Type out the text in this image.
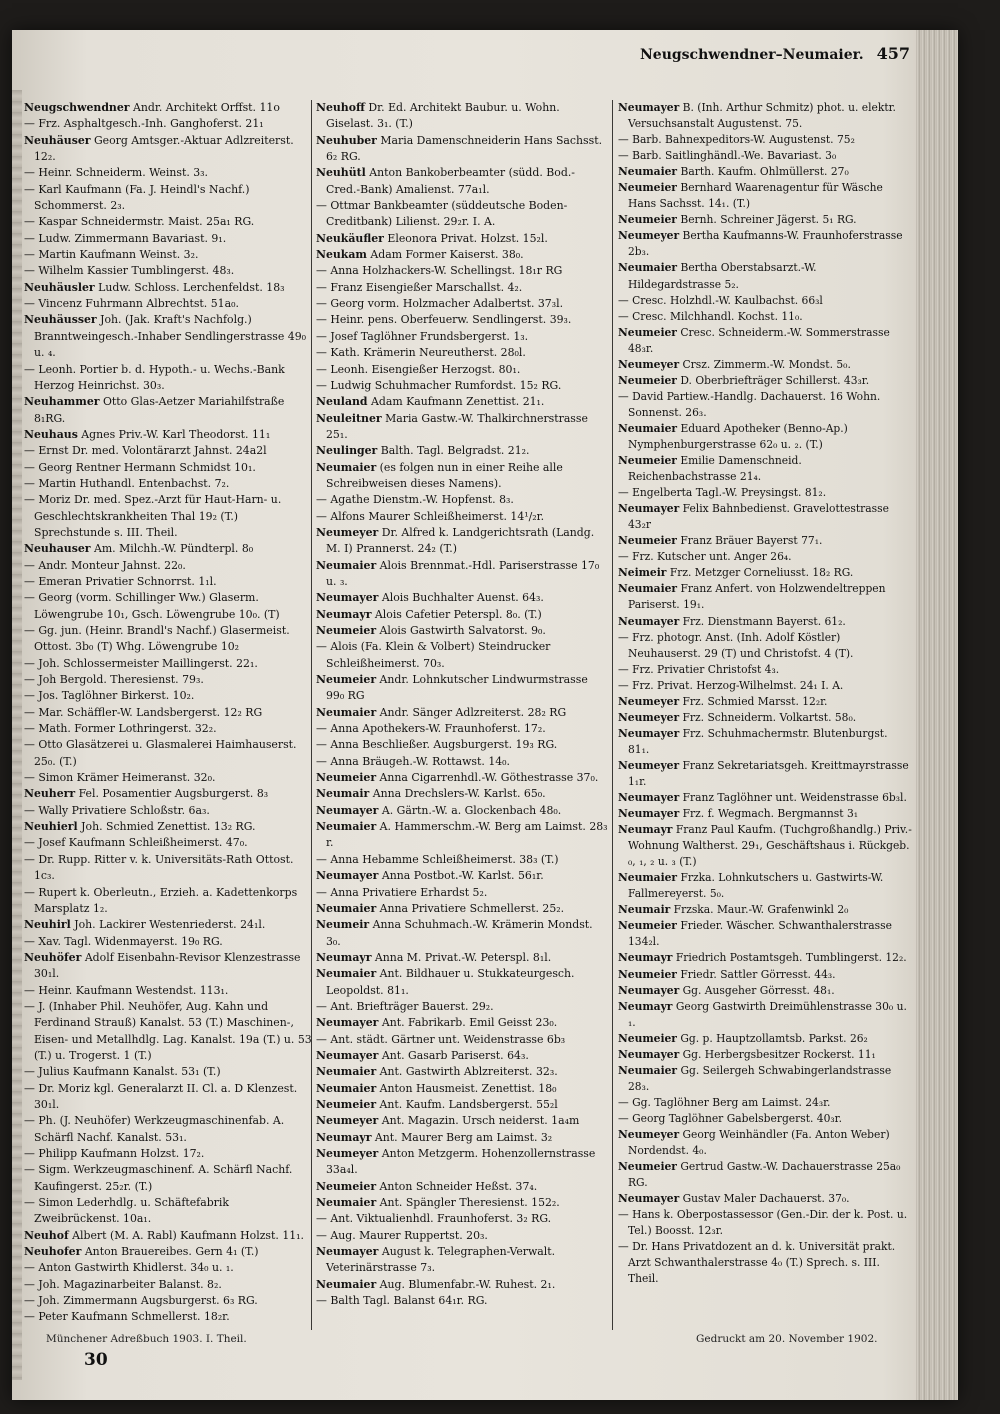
Neugschwendner–Neumaier. 457
Neugschwendner Andr. Architekt Orffst. 11o
— Frz. Asphaltgesch.-Inh. Ganghoferst. 21₁
Neuhäuser Georg Amtsger.-Aktuar Adlzreiterst. 12₂.
— Heinr. Schneiderm. Weinst. 3₃.
— Karl Kaufmann (Fa. J. Heindl's Nachf.) Schommerst. 2₃.
— Kaspar Schneidermstr. Maist. 25a₁ RG.
— Ludw. Zimmermann Bavariast. 9₁.
— Martin Kaufmann Weinst. 3₂.
— Wilhelm Kassier Tumblingerst. 48₃.
Neuhäusler Ludw. Schloss. Lerchenfeldst. 18₃
— Vincenz Fuhrmann Albrechtst. 51a₀.
Neuhäusser Joh. (Jak. Kraft's Nachfolg.) Branntweingesch.-Inhaber Sendlingerstrasse 49₀ u. ₄.
— Leonh. Portier b. d. Hypoth.- u. Wechs.-Bank Herzog Heinrichst. 30₃.
Neuhammer Otto Glas-Aetzer Mariahilfstraße 8₁RG.
Neuhaus Agnes Priv.-W. Karl Theodorst. 11₁
— Ernst Dr. med. Volontärarzt Jahnst. 24a2l
— Georg Rentner Hermann Schmidst 10₁.
— Martin Huthandl. Entenbachst. 7₂.
— Moriz Dr. med. Spez.-Arzt für Haut-Harn- u. Geschlechtskrankheiten Thal 19₂ (T.) Sprechstunde s. III. Theil.
Neuhauser Am. Milchh.-W. Pündterpl. 8₀
— Andr. Monteur Jahnst. 22₀.
— Emeran Privatier Schnorrst. 1₁l.
— Georg (vorm. Schillinger Ww.) Glaserm. Löwengrube 10₁, Gsch. Löwengrube 10₀. (T)
— Gg. jun. (Heinr. Brandl's Nachf.) Glasermeist. Ottost. 3b₀ (T) Whg. Löwengrube 10₂
— Joh. Schlossermeister Maillingerst. 22₁.
— Joh Bergold. Theresienst. 79₃.
— Jos. Taglöhner Birkerst. 10₂.
— Mar. Schäffler-W. Landsbergerst. 12₂ RG
— Math. Former Lothringerst. 32₂.
— Otto Glasätzerei u. Glasmalerei Haimhauserst. 25₀. (T.)
— Simon Krämer Heimeranst. 32₀.
Neuherr Fel. Posamentier Augsburgerst. 8₃
— Wally Privatiere Schloßstr. 6a₃.
Neuhierl Joh. Schmied Zenettist. 13₂ RG.
— Josef Kaufmann Schleißheimerst. 47₀.
— Dr. Rupp. Ritter v. k. Universitäts-Rath Ottost. 1c₃.
— Rupert k. Oberleutn., Erzieh. a. Kadettenkorps Marsplatz 1₂.
Neuhirl Joh. Lackirer Westenriederst. 24₁l.
— Xav. Tagl. Widenmayerst. 19₀ RG.
Neuhöfer Adolf Eisenbahn-Revisor Klenzestrasse 30₁l.
— Heinr. Kaufmann Westendst. 113₁.
— J. (Inhaber Phil. Neuhöfer, Aug. Kahn und Ferdinand Strauß) Kanalst. 53 (T.) Maschinen-, Eisen- und Metallhdlg. Lag. Kanalst. 19a (T.) u. 53 (T.) u. Trogerst. 1 (T.)
— Julius Kaufmann Kanalst. 53₁ (T.)
— Dr. Moriz kgl. Generalarzt II. Cl. a. D Klenzest. 30₁l.
— Ph. (J. Neuhöfer) Werkzeugmaschinenfab. A. Schärfl Nachf. Kanalst. 53₁.
— Philipp Kaufmann Holzst. 17₂.
— Sigm. Werkzeugmaschinenf. A. Schärfl Nachf. Kaufingerst. 25₂r. (T.)
— Simon Lederhdlg. u. Schäftefabrik Zweibrückenst. 10a₁.
Neuhof Albert (M. A. Rabl) Kaufmann Holzst. 11₁.
Neuhofer Anton Brauereibes. Gern 4₁ (T.)
— Anton Gastwirth Khidlerst. 34₀ u. ₁.
— Joh. Magazinarbeiter Balanst. 8₂.
— Joh. Zimmermann Augsburgerst. 6₃ RG.
— Peter Kaufmann Schmellerst. 18₂r.
Neuhoff Dr. Ed. Architekt Baubur. u. Wohn. Giselast. 3₁. (T.)
Neuhuber Maria Damenschneiderin Hans Sachsst. 6₂ RG.
Neuhütl Anton Bankoberbeamter (südd. Bod.-Cred.-Bank) Amalienst. 77a₁l.
— Ottmar Bankbeamter (süddeutsche Boden-Creditbank) Lilienst. 29₂r. I. A.
Neukäufler Eleonora Privat. Holzst. 15₂l.
Neukam Adam Former Kaiserst. 38₀.
— Anna Holzhackers-W. Schellingst. 18₁r RG
— Franz Eisengießer Marschallst. 4₂.
— Georg vorm. Holzmacher Adalbertst. 37₃l.
— Heinr. pens. Oberfeuerw. Sendlingerst. 39₃.
— Josef Taglöhner Frundsbergerst. 1₃.
— Kath. Krämerin Neureutherst. 28₀l.
— Leonh. Eisengießer Herzogst. 80₁.
— Ludwig Schuhmacher Rumfordst. 15₂ RG.
Neuland Adam Kaufmann Zenettist. 21₁.
Neuleitner Maria Gastw.-W. Thalkirchnerstrasse 25₁.
Neulinger Balth. Tagl. Belgradst. 21₂.
Neumaier (es folgen nun in einer Reihe alle Schreibweisen dieses Namens).
— Agathe Dienstm.-W. Hopfenst. 8₃.
— Alfons Maurer Schleißheimerst. 14¹/₂r.
Neumeyer Dr. Alfred k. Landgerichtsrath (Landg. M. I) Prannerst. 24₂ (T.)
Neumaier Alois Brennmat.-Hdl. Pariserstrasse 17₀ u. ₃.
Neumayer Alois Buchhalter Auenst. 64₃.
Neumayr Alois Cafetier Peterspl. 8₀. (T.)
Neumeier Alois Gastwirth Salvatorst. 9₀.
— Alois (Fa. Klein & Volbert) Steindrucker Schleißheimerst. 70₃.
Neumeier Andr. Lohnkutscher Lindwurmstrasse 99₀ RG
Neumaier Andr. Sänger Adlzreiterst. 28₂ RG
— Anna Apothekers-W. Fraunhoferst. 17₂.
— Anna Beschließer. Augsburgerst. 19₃ RG.
— Anna Bräugeh.-W. Rottawst. 14₀.
Neumeier Anna Cigarrenhdl.-W. Göthestrasse 37₀.
Neumair Anna Drechslers-W. Karlst. 65₀.
Neumayer A. Gärtn.-W. a. Glockenbach 48₀.
Neumaier A. Hammerschm.-W. Berg am Laimst. 28₃ r.
— Anna Hebamme Schleißheimerst. 38₃ (T.)
Neumayer Anna Postbot.-W. Karlst. 56₁r.
— Anna Privatiere Erhardst 5₂.
Neumaier Anna Privatiere Schmellerst. 25₂.
Neumeir Anna Schuhmach.-W. Krämerin Mondst. 3₀.
Neumayr Anna M. Privat.-W. Peterspl. 8₁l.
Neumaier Ant. Bildhauer u. Stukkateurgesch. Leopoldst. 81₁.
— Ant. Briefträger Bauerst. 29₂.
Neumayer Ant. Fabrikarb. Emil Geisst 23₀.
— Ant. städt. Gärtner unt. Weidenstrasse 6b₃
Neumayer Ant. Gasarb Pariserst. 64₃.
Neumaier Ant. Gastwirth Ablzreiterst. 32₃.
Neumaier Anton Hausmeist. Zenettist. 18₀
Neumeier Ant. Kaufm. Landsbergerst. 55₂l
Neumeyer Ant. Magazin. Ursch neiderst. 1a₄m
Neumayr Ant. Maurer Berg am Laimst. 3₂
Neumeyer Anton Metzgerm. Hohenzollernstrasse 33a₄l.
Neumeier Anton Schneider Heßst. 37₄.
Neumaier Ant. Spängler Theresienst. 152₂.
— Ant. Viktualienhdl. Fraunhoferst. 3₂ RG.
— Aug. Maurer Ruppertst. 20₃.
Neumayer August k. Telegraphen-Verwalt. Veterinärstrasse 7₃.
Neumaier Aug. Blumenfabr.-W. Ruhest. 2₁.
— Balth Tagl. Balanst 64₁r. RG.
Neumayer B. (Inh. Arthur Schmitz) phot. u. elektr. Versuchsanstalt Augustenst. 75.
— Barb. Bahnexpeditors-W. Augustenst. 75₂
— Barb. Saitlinghändl.-We. Bavariast. 3₀
Neumaier Barth. Kaufm. Ohlmüllerst. 27₀
Neumeier Bernhard Waarenagentur für Wäsche Hans Sachsst. 14₁. (T.)
Neumeier Bernh. Schreiner Jägerst. 5₁ RG.
Neumeyer Bertha Kaufmanns-W. Fraunhoferstrasse 2b₃.
Neumaier Bertha Oberstabsarzt.-W. Hildegardstrasse 5₂.
— Cresc. Holzhdl.-W. Kaulbachst. 66₃l
— Cresc. Milchhandl. Kochst. 11₀.
Neumeier Cresc. Schneiderm.-W. Sommerstrasse 48₃r.
Neumeyer Crsz. Zimmerm.-W. Mondst. 5₀.
Neumeier D. Oberbriefträger Schillerst. 43₃r.
— David Partiew.-Handlg. Dachauerst. 16 Wohn. Sonnenst. 26₃.
Neumaier Eduard Apotheker (Benno-Ap.) Nymphenburgerstrasse 62₀ u. ₂. (T.)
Neumeier Emilie Damenschneid. Reichenbachstrasse 21₄.
— Engelberta Tagl.-W. Preysingst. 81₂.
Neumayer Felix Bahnbedienst. Gravelottestrasse 43₂r
Neumeier Franz Bräuer Bayerst 77₁.
— Frz. Kutscher unt. Anger 26₄.
Neimeir Frz. Metzger Corneliusst. 18₂ RG.
Neumaier Franz Anfert. von Holzwendeltreppen Pariserst. 19₁.
Neumayer Frz. Dienstmann Bayerst. 61₂.
— Frz. photogr. Anst. (Inh. Adolf Köstler) Neuhauserst. 29 (T) und Christofst. 4 (T).
— Frz. Privatier Christofst 4₃.
— Frz. Privat. Herzog-Wilhelmst. 24₁ I. A.
Neumeyer Frz. Schmied Marsst. 12₂r.
Neumeyer Frz. Schneiderm. Volkartst. 58₀.
Neumayer Frz. Schuhmachermstr. Blutenburgst. 81₁.
Neumeyer Franz Sekretariatsgeh. Kreittmayrstrasse 1₁r.
Neumayer Franz Taglöhner unt. Weidenstrasse 6b₃l.
Neumayer Frz. f. Wegmach. Bergmannst 3₁
Neumayr Franz Paul Kaufm. (Tuchgroßhandlg.) Priv.-Wohnung Waltherst. 29₁, Geschäftshaus i. Rückgeb. ₀, ₁, ₂ u. ₃ (T.)
Neumaier Frzka. Lohnkutschers u. Gastwirts-W. Fallmereyerst. 5₀.
Neumair Frzska. Maur.-W. Grafenwinkl 2₀
Neumeier Frieder. Wäscher. Schwanthalerstrasse 134₂l.
Neumayr Friedrich Postamtsgeh. Tumblingerst. 12₂.
Neumeier Friedr. Sattler Görresst. 44₃.
Neumayer Gg. Ausgeher Görresst. 48₁.
Neumayr Georg Gastwirth Dreimühlenstrasse 30₀ u. ₁.
Neumeier Gg. p. Hauptzollamtsb. Parkst. 26₂
Neumayer Gg. Herbergsbesitzer Rockerst. 11₁
Neumaier Gg. Seilergeh Schwabingerlandstrasse 28₃.
— Gg. Taglöhner Berg am Laimst. 24₃r.
— Georg Taglöhner Gabelsbergerst. 40₃r.
Neumeyer Georg Weinhändler (Fa. Anton Weber) Nordendst. 4₀.
Neumeier Gertrud Gastw.-W. Dachauerstrasse 25a₀ RG.
Neumayer Gustav Maler Dachauerst. 37₀.
— Hans k. Oberpostassessor (Gen.-Dir. der k. Post. u. Tel.) Boosst. 12₃r.
— Dr. Hans Privatdozent an d. k. Universität prakt. Arzt Schwanthalerstrasse 4₀ (T.) Sprech. s. III. Theil.
Münchener Adreßbuch 1903. I. Theil.
30
Gedruckt am 20. November 1902.
